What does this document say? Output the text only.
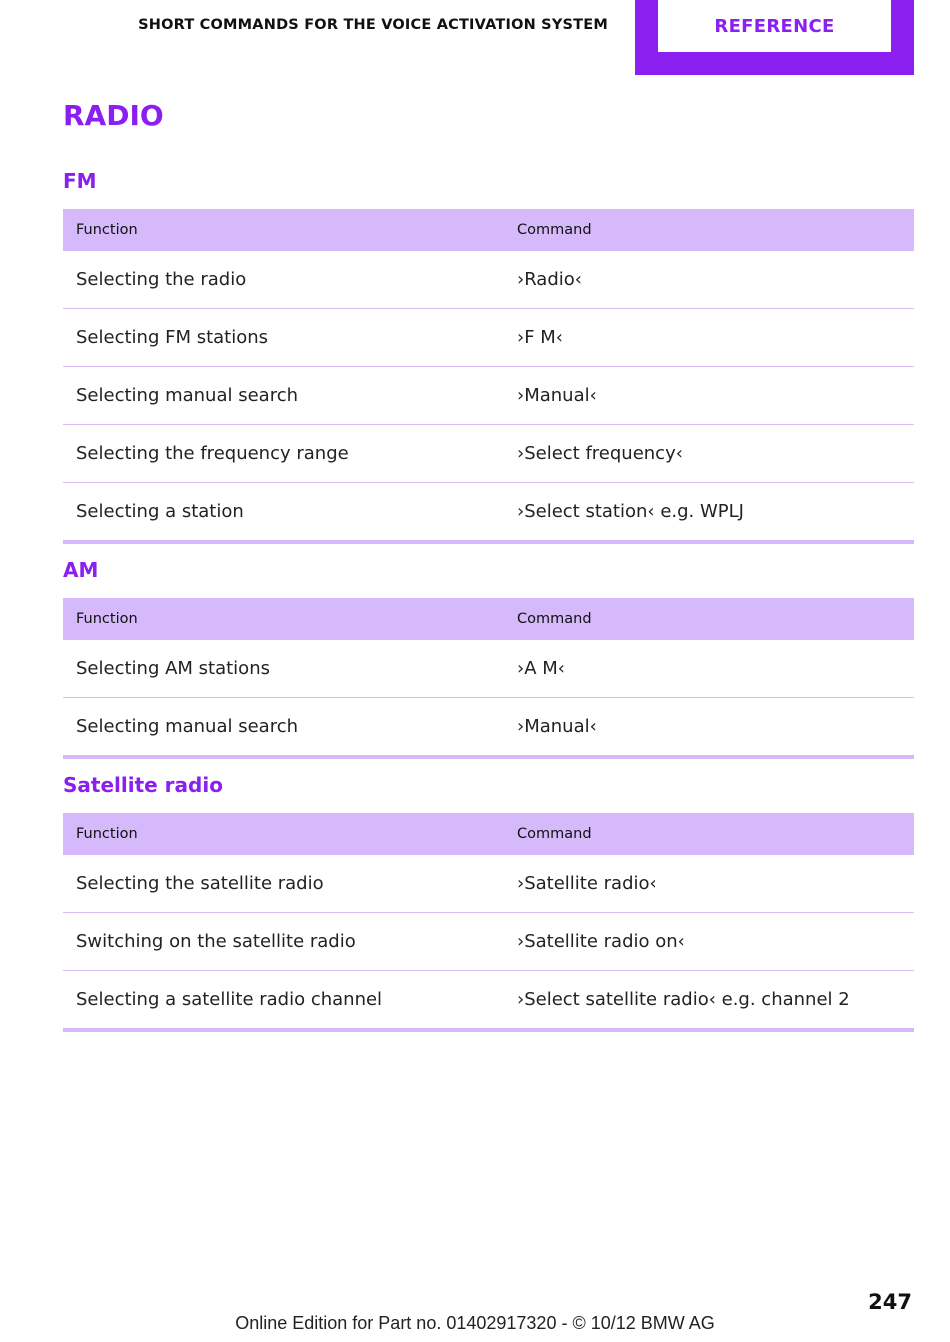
SHORT COMMANDS FOR THE VOICE ACTIVATION SYSTEM	REFERENCE
RADIO
FM
Function	Command
Selecting the radio	›Radio‹
Selecting FM stations	›F M‹
Selecting manual search	›Manual‹
Selecting the frequency range	›Select frequency‹
Selecting a station	›Select station‹ e.g. WPLJ
AM
Function	Command
Selecting AM stations	›A M‹
Selecting manual search	›Manual‹
Satellite radio
Function	Command
Selecting the satellite radio	›Satellite radio‹
Switching on the satellite radio	›Satellite radio on‹
Selecting a satellite radio channel	›Select satellite radio‹ e.g. channel 2
247
Online Edition for Part no. 01402917320 - © 10/12 BMW AG
